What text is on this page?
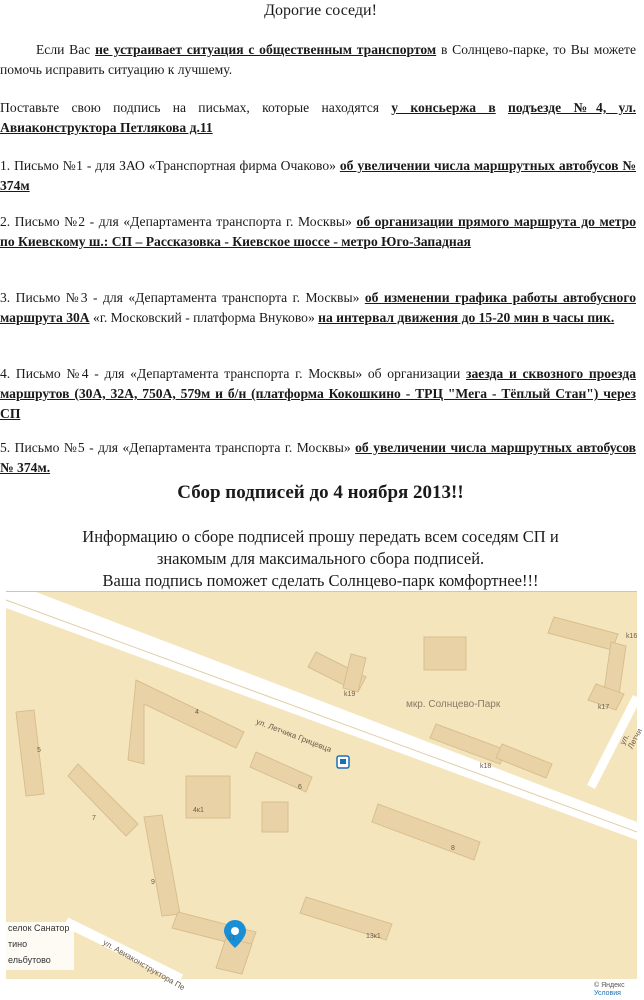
Дорогие соседи!
Если Вас не устраивает ситуация с общественным транспортом в Солнцево-парке, то Вы можете помочь исправить ситуацию к лучшему.
Поставьте свою подпись на письмах, которые находятся у консьержа в подъезде №4, ул. Авиаконструктора Петлякова д.11
1. Письмо №1 - для ЗАО «Транспортная фирма Очаково» об увеличении числа маршрутных автобусов № 374м
2. Письмо №2 - для «Департамента транспорта г. Москвы» об организации прямого маршрута до метро по Киевскому ш.: СП – Рассказовка - Киевское шоссе - метро Юго-Западная
3. Письмо №3 - для «Департамента транспорта г. Москвы» об изменении графика работы автобусного маршрута 30А «г. Московский - платформа Внуково» на интервал движения до 15-20 мин в часы пик.
4. Письмо №4 - для «Департамента транспорта г. Москвы» об организации заезда и сквозного проезда маршрутов (30А, 32А, 750А, 579м и б/н (платформа Кокошкино - ТРЦ "Мега - Тёплый Стан") через СП
5. Письмо №5 - для «Департамента транспорта г. Москвы» об увеличении числа маршрутных автобусов № 374м.
Сбор подписей до 4 ноября 2013!!
Информацию о сборе подписей прошу передать всем соседям СП и
знакомым для максимального сбора подписей.
Ваша подпись поможет сделать Солнцево-парк комфортнее!!!
мкр. Солнцево-Парк
ул. Летчика Грицевца
ул. Авиаконструктора Пе
ул. Летчи
селок Санатор
тино
ельбутово
k16
k19
k17
k18
4
5
6
7
8
9
4к1
13к1
11
© Яндекс
Условия
